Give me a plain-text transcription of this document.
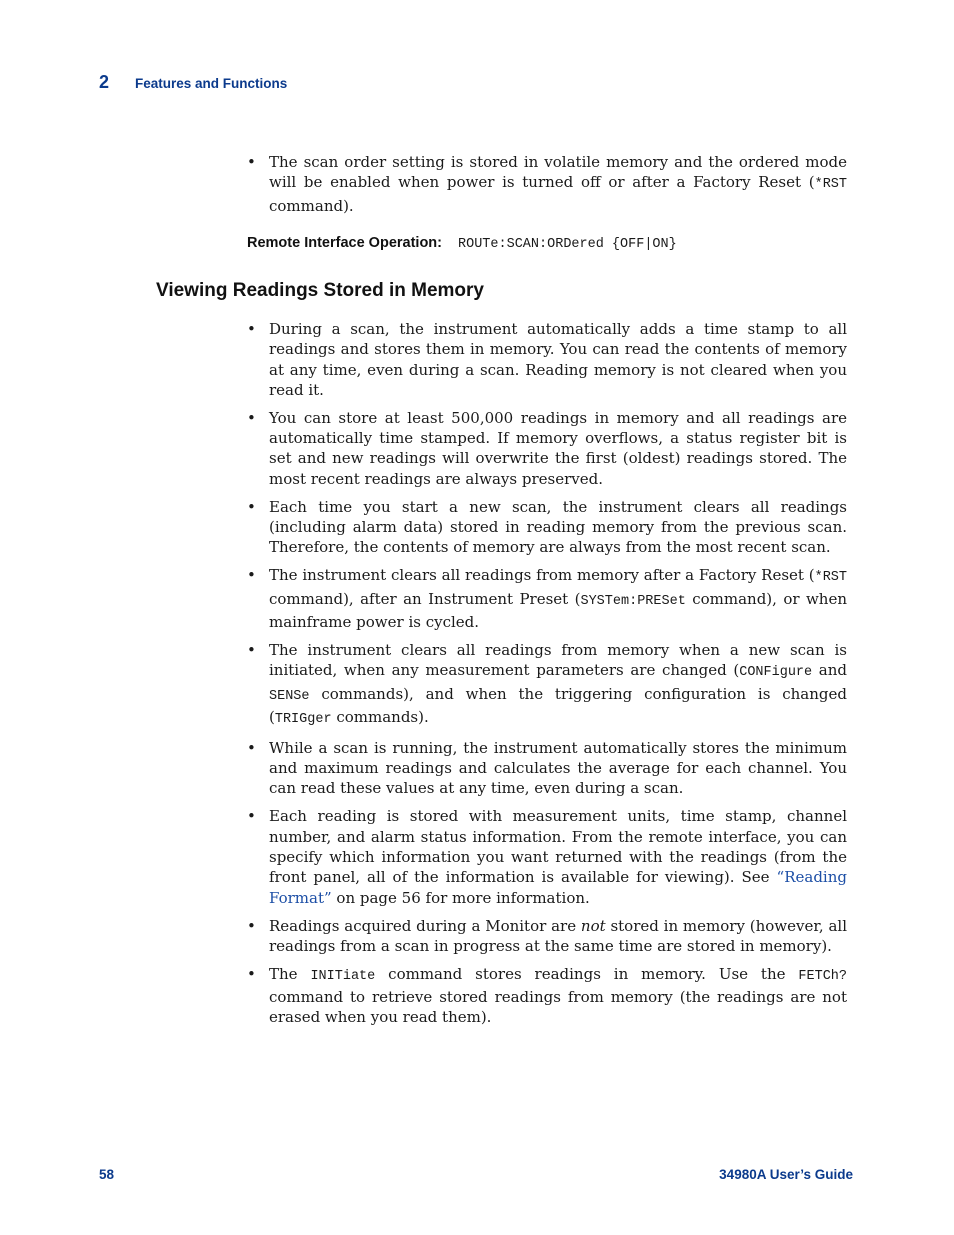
2 Features and Functions
• The scan order setting is stored in volatile memory and the ordered mode will be enabled when power is turned off or after a Factory Reset (*RST command).
Remote Interface Operation: ROUTe:SCAN:ORDered {OFF|ON}
Viewing Readings Stored in Memory
• During a scan, the instrument automatically adds a time stamp to all readings and stores them in memory. You can read the contents of memory at any time, even during a scan. Reading memory is not cleared when you read it.
• You can store at least 500,000 readings in memory and all readings are automatically time stamped. If memory overflows, a status register bit is set and new readings will overwrite the first (oldest) readings stored. The most recent readings are always preserved.
• Each time you start a new scan, the instrument clears all readings (including alarm data) stored in reading memory from the previous scan. Therefore, the contents of memory are always from the most recent scan.
• The instrument clears all readings from memory after a Factory Reset (*RST command), after an Instrument Preset (SYSTem:PRESet command), or when mainframe power is cycled.
• The instrument clears all readings from memory when a new scan is initiated, when any measurement parameters are changed (CONFigure and SENSe commands), and when the triggering configuration is changed (TRIGger commands).
• While a scan is running, the instrument automatically stores the minimum and maximum readings and calculates the average for each channel. You can read these values at any time, even during a scan.
• Each reading is stored with measurement units, time stamp, channel number, and alarm status information. From the remote interface, you can specify which information you want returned with the readings (from the front panel, all of the information is available for viewing). See “Reading Format” on page 56 for more information.
• Readings acquired during a Monitor are not stored in memory (however, all readings from a scan in progress at the same time are stored in memory).
• The INITiate command stores readings in memory. Use the FETCh? command to retrieve stored readings from memory (the readings are not erased when you read them).
58	34980A User’s Guide
